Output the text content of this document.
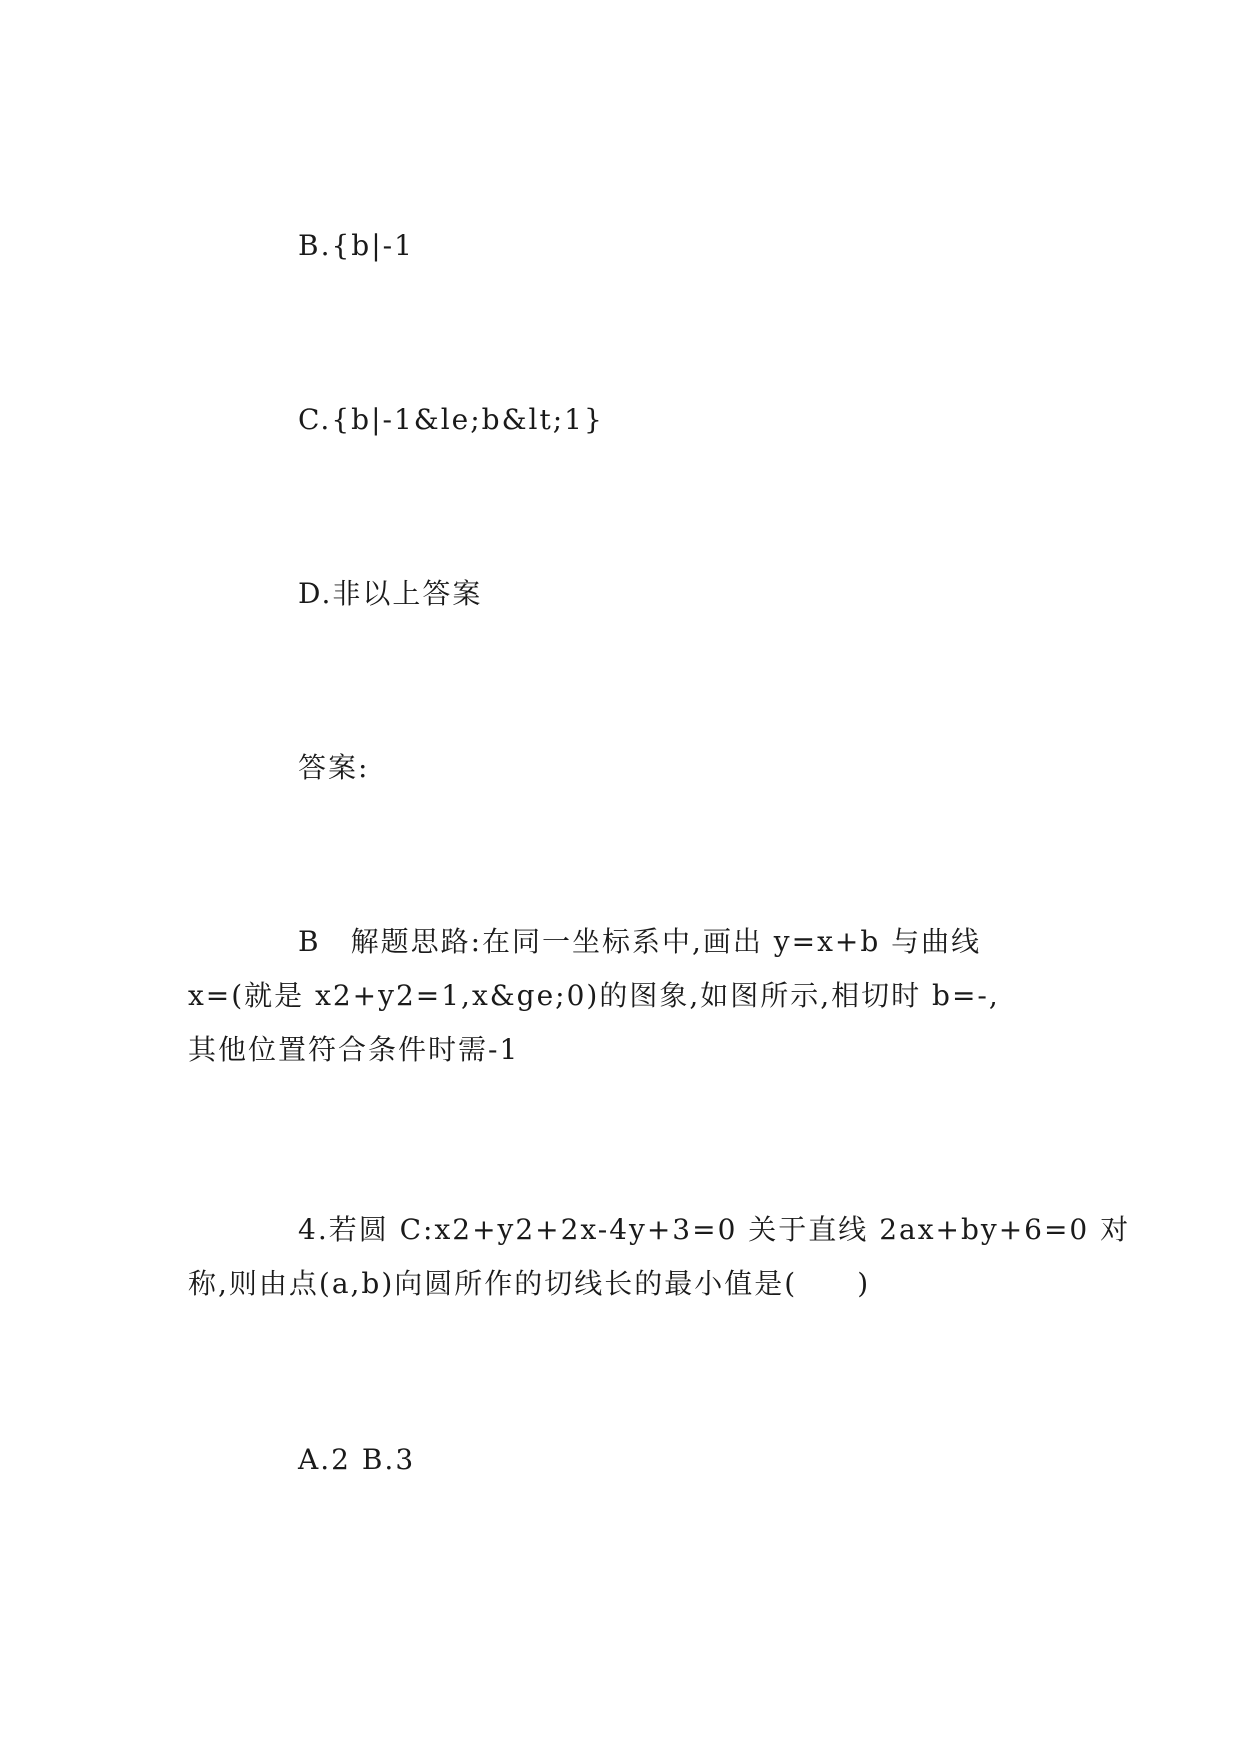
B.{b|-1
C.{b|-1&le;b&lt;1}
D.非以上答案
答案:
B　解题思路:在同一坐标系中,画出 y=x+b 与曲线
x=(就是 x2+y2=1,x&ge;0)的图象,如图所示,相切时 b=-,
其他位置符合条件时需-1
4.若圆 C:x2+y2+2x-4y+3=0 关于直线 2ax+by+6=0 对
称,则由点(a,b)向圆所作的切线长的最小值是(　　)
A.2 B.3
